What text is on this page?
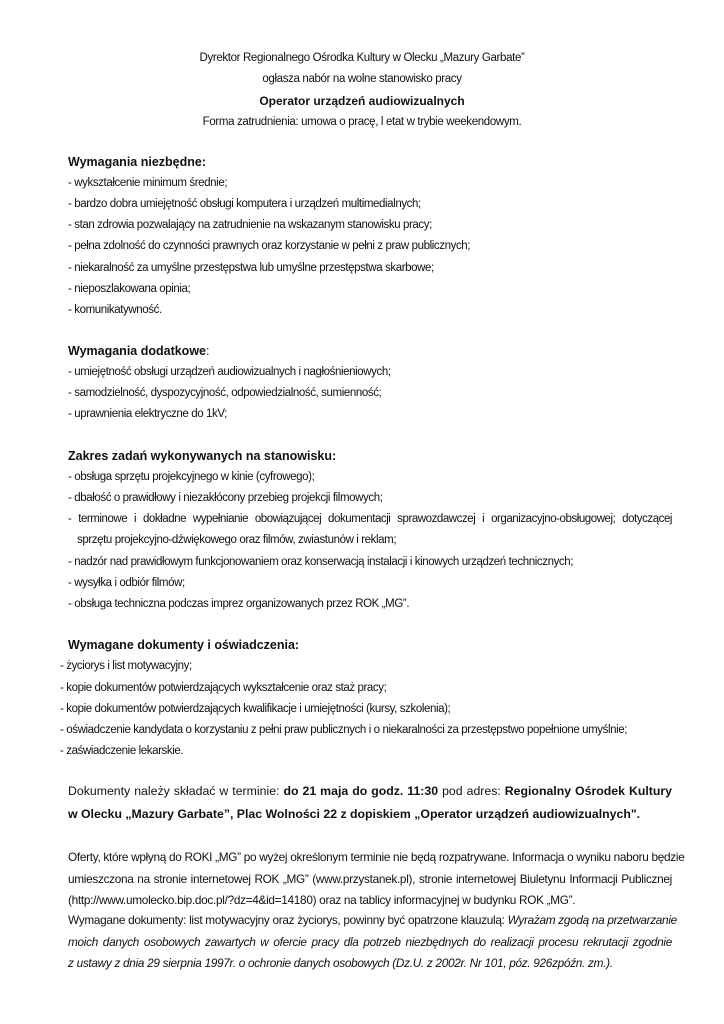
Dyrektor Regionalnego Ośrodka Kultury w Olecku „Mazury Garbate”
ogłasza nabór na wolne stanowisko pracy
Operator urządzeń audiowizualnych
Forma zatrudnienia: umowa o pracę, l etat w trybie weekendowym.
Wymagania niezbędne:
- wykształcenie minimum średnie;
- bardzo dobra umiejętność obsługi komputera i urządzeń multimedialnych;
- stan zdrowia pozwalający na zatrudnienie na wskazanym stanowisku pracy;
- pełna zdolność do czynności prawnych oraz korzystanie w pełni z praw publicznych;
- niekaralność za umyślne przestępstwa lub umyślne przestępstwa skarbowe;
- nieposzlakowana opinia;
- komunikatywność.
Wymagania dodatkowe:
- umiejętność obsługi urządzeń audiowizualnych i nagłośnieniowych;
- samodzielność, dyspozycyjność, odpowiedzialność, sumienność;
- uprawnienia elektryczne do 1kV;
Zakres zadań wykonywanych na stanowisku:
- obsługa sprzętu projekcyjnego w kinie (cyfrowego);
- dbałość o prawidłowy i niezakłócony przebieg projekcji filmowych;
- terminowe i dokładne wypełnianie obowiązującej dokumentacji sprawozdawczej i organizacyjno-obsługowej; dotyczącej
sprzętu projekcyjno-dźwiękowego oraz filmów, zwiastunów i reklam;
- nadzór nad prawidłowym funkcjonowaniem oraz konserwacją instalacji i kinowych urządzeń technicznych;
- wysyłka i odbiór filmów;
- obsługa techniczna podczas imprez organizowanych przez ROK „MG”.
Wymagane dokumenty i oświadczenia:
- życiorys i list motywacyjny;
- kopie dokumentów potwierdzających wykształcenie oraz staż pracy;
- kopie dokumentów potwierdzających kwalifikacje i umiejętności (kursy, szkolenia);
- oświadczenie kandydata o korzystaniu z pełni praw publicznych i o niekaralności za przestępstwo popełnione umyślnie;
- zaświadczenie lekarskie.
Dokumenty należy składać w terminie: do 21 maja do godz. 11:30 pod adres: Regionalny Ośrodek Kultury
w Olecku „Mazury Garbate”, Plac Wolności 22 z dopiskiem „Operator urządzeń audiowizualnych".
Oferty, które wpłyną do ROKI „MG” po wyżej określonym terminie nie będą rozpatrywane. Informacja o wyniku naboru będzie
umieszczona na stronie internetowej ROK „MG” (www.przystanek.pl), stronie internetowej Biuletynu Informacji Publicznej
(http://www.umolecko.bip.doc.pl/?dz=4&id=14180) oraz na tablicy informacyjnej w budynku ROK „MG”.
Wymagane dokumenty: list motywacyjny oraz życiorys, powinny być opatrzone klauzulą: Wyrażam zgodą na przetwarzanie
moich danych osobowych zawartych w ofercie pracy dla potrzeb niezbędnych do realizacji procesu rekrutacji zgodnie
z ustawy z dnia 29 sierpnia 1997r. o ochronie danych osobowych (Dz.U. z 2002r. Nr 101, póz. 926zpóźn. zm.).
